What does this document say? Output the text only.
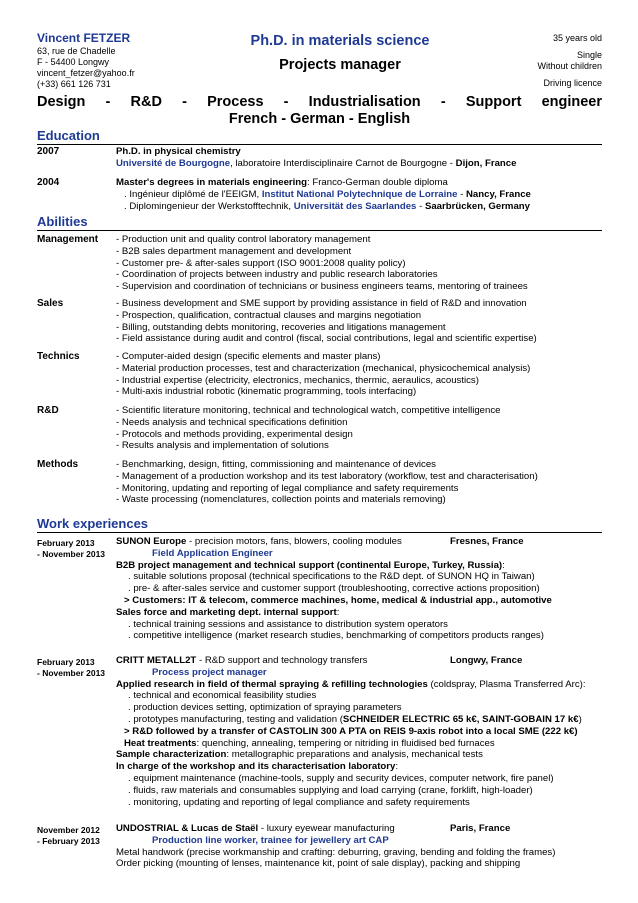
Vincent FETZER
63, rue de Chadelle
F - 54400 Longwy
vincent_fetzer@yahoo.fr
(+33) 661 126 731
Ph.D. in materials science
Projects manager
35 years old
Single
Without children
Driving licence
Design - R&D - Process - Industrialisation - Support engineer
French - German - English
Education
2007	Ph.D. in physical chemistry
Université de Bourgogne, laboratoire Interdisciplinaire Carnot de Bourgogne - Dijon, France
2004	Master's degrees in materials engineering: Franco-German double diploma
. Ingénieur diplômé de l'EEIGM, Institut National Polytechnique de Lorraine - Nancy, France
. Diplomingenieur der Werkstofftechnik, Universität des Saarlandes - Saarbrücken, Germany
Abilities
Management - Production unit and quality control laboratory management
- B2B sales department management and development
- Customer pre- & after-sales support (ISO 9001:2008 quality policy)
- Coordination of projects between industry and public research laboratories
- Supervision and coordination of technicians or business engineers teams, mentoring of trainees
Sales	- Business development and SME support by providing assistance in field of R&D and innovation
- Prospection, qualification, contractual clauses and margins negotiation
- Billing, outstanding debts monitoring, recoveries and litigations management
- Field assistance during audit and control (fiscal, social contributions, legal and scientific expertise)
Technics	- Computer-aided design (specific elements and master plans)
- Material production processes, test and characterization (mechanical, physicochemical analysis)
- Industrial expertise (electricity, electronics, mechanics, thermic, aeraulics, acoustics)
- Multi-axis industrial robotic (kinematic programming, tools interfacing)
R&D	- Scientific literature monitoring, technical and technological watch, competitive intelligence
- Needs analysis and technical specifications definition
- Protocols and methods providing, experimental design
- Results analysis and implementation of solutions
Methods	- Benchmarking, design, fitting, commissioning and maintenance of devices
- Management of a production workshop and its test laboratory (workflow, test and characterisation)
- Monitoring, updating and reporting of legal compliance and safety requirements
- Waste processing (nomenclatures, collection points and materials removing)
Work experiences
February 2013
- November 2013
SUNON Europe - precision motors, fans, blowers, cooling modules	Fresnes, France
Field Application Engineer
B2B project management and technical support (continental Europe, Turkey, Russia):
. suitable solutions proposal (technical specifications to the R&D dept. of SUNON HQ in Taiwan)
. pre- & after-sales service and customer support (troubleshooting, corrective actions proposition)
> Customers: IT & telecom, commerce machines, home, medical & industrial app., automotive
Sales force and marketing dept. internal support:
. technical training sessions and assistance to distribution system operators
. competitive intelligence (market research studies, benchmarking of competitors products ranges)
February 2013
- November 2013
CRITT METALL2T - R&D support and technology transfers	Longwy, France
Process project manager
Applied research in field of thermal spraying & refilling technologies (coldspray, Plasma Transferred Arc):
. technical and economical feasibility studies
. production devices setting, optimization of spraying parameters
. prototypes manufacturing, testing and validation (SCHNEIDER ELECTRIC 65 k€, SAINT-GOBAIN 17 k€)
> R&D followed by a transfer of CASTOLIN 300 A PTA on REIS 9-axis robot into a local SME (222 k€)
Heat treatments: quenching, annealing, tempering or nitriding in fluidised bed furnaces
Sample characterization: metallographic preparations and analysis, mechanical tests
In charge of the workshop and its characterisation laboratory:
. equipment maintenance (machine-tools, supply and security devices, computer network, fire panel)
. fluids, raw materials and consumables supplying and load carrying (crane, forklift, high-loader)
. monitoring, updating and reporting of legal compliance and safety requirements
November 2012
- February 2013
UNDOSTRIAL & Lucas de Staël - luxury eyewear manufacturing	Paris, France
Production line worker, trainee for jewellery art CAP
Metal handwork (precise workmanship and crafting: deburring, graving, bending and folding the frames)
Order picking (mounting of lenses, maintenance kit, point of sale display), packing and shipping
